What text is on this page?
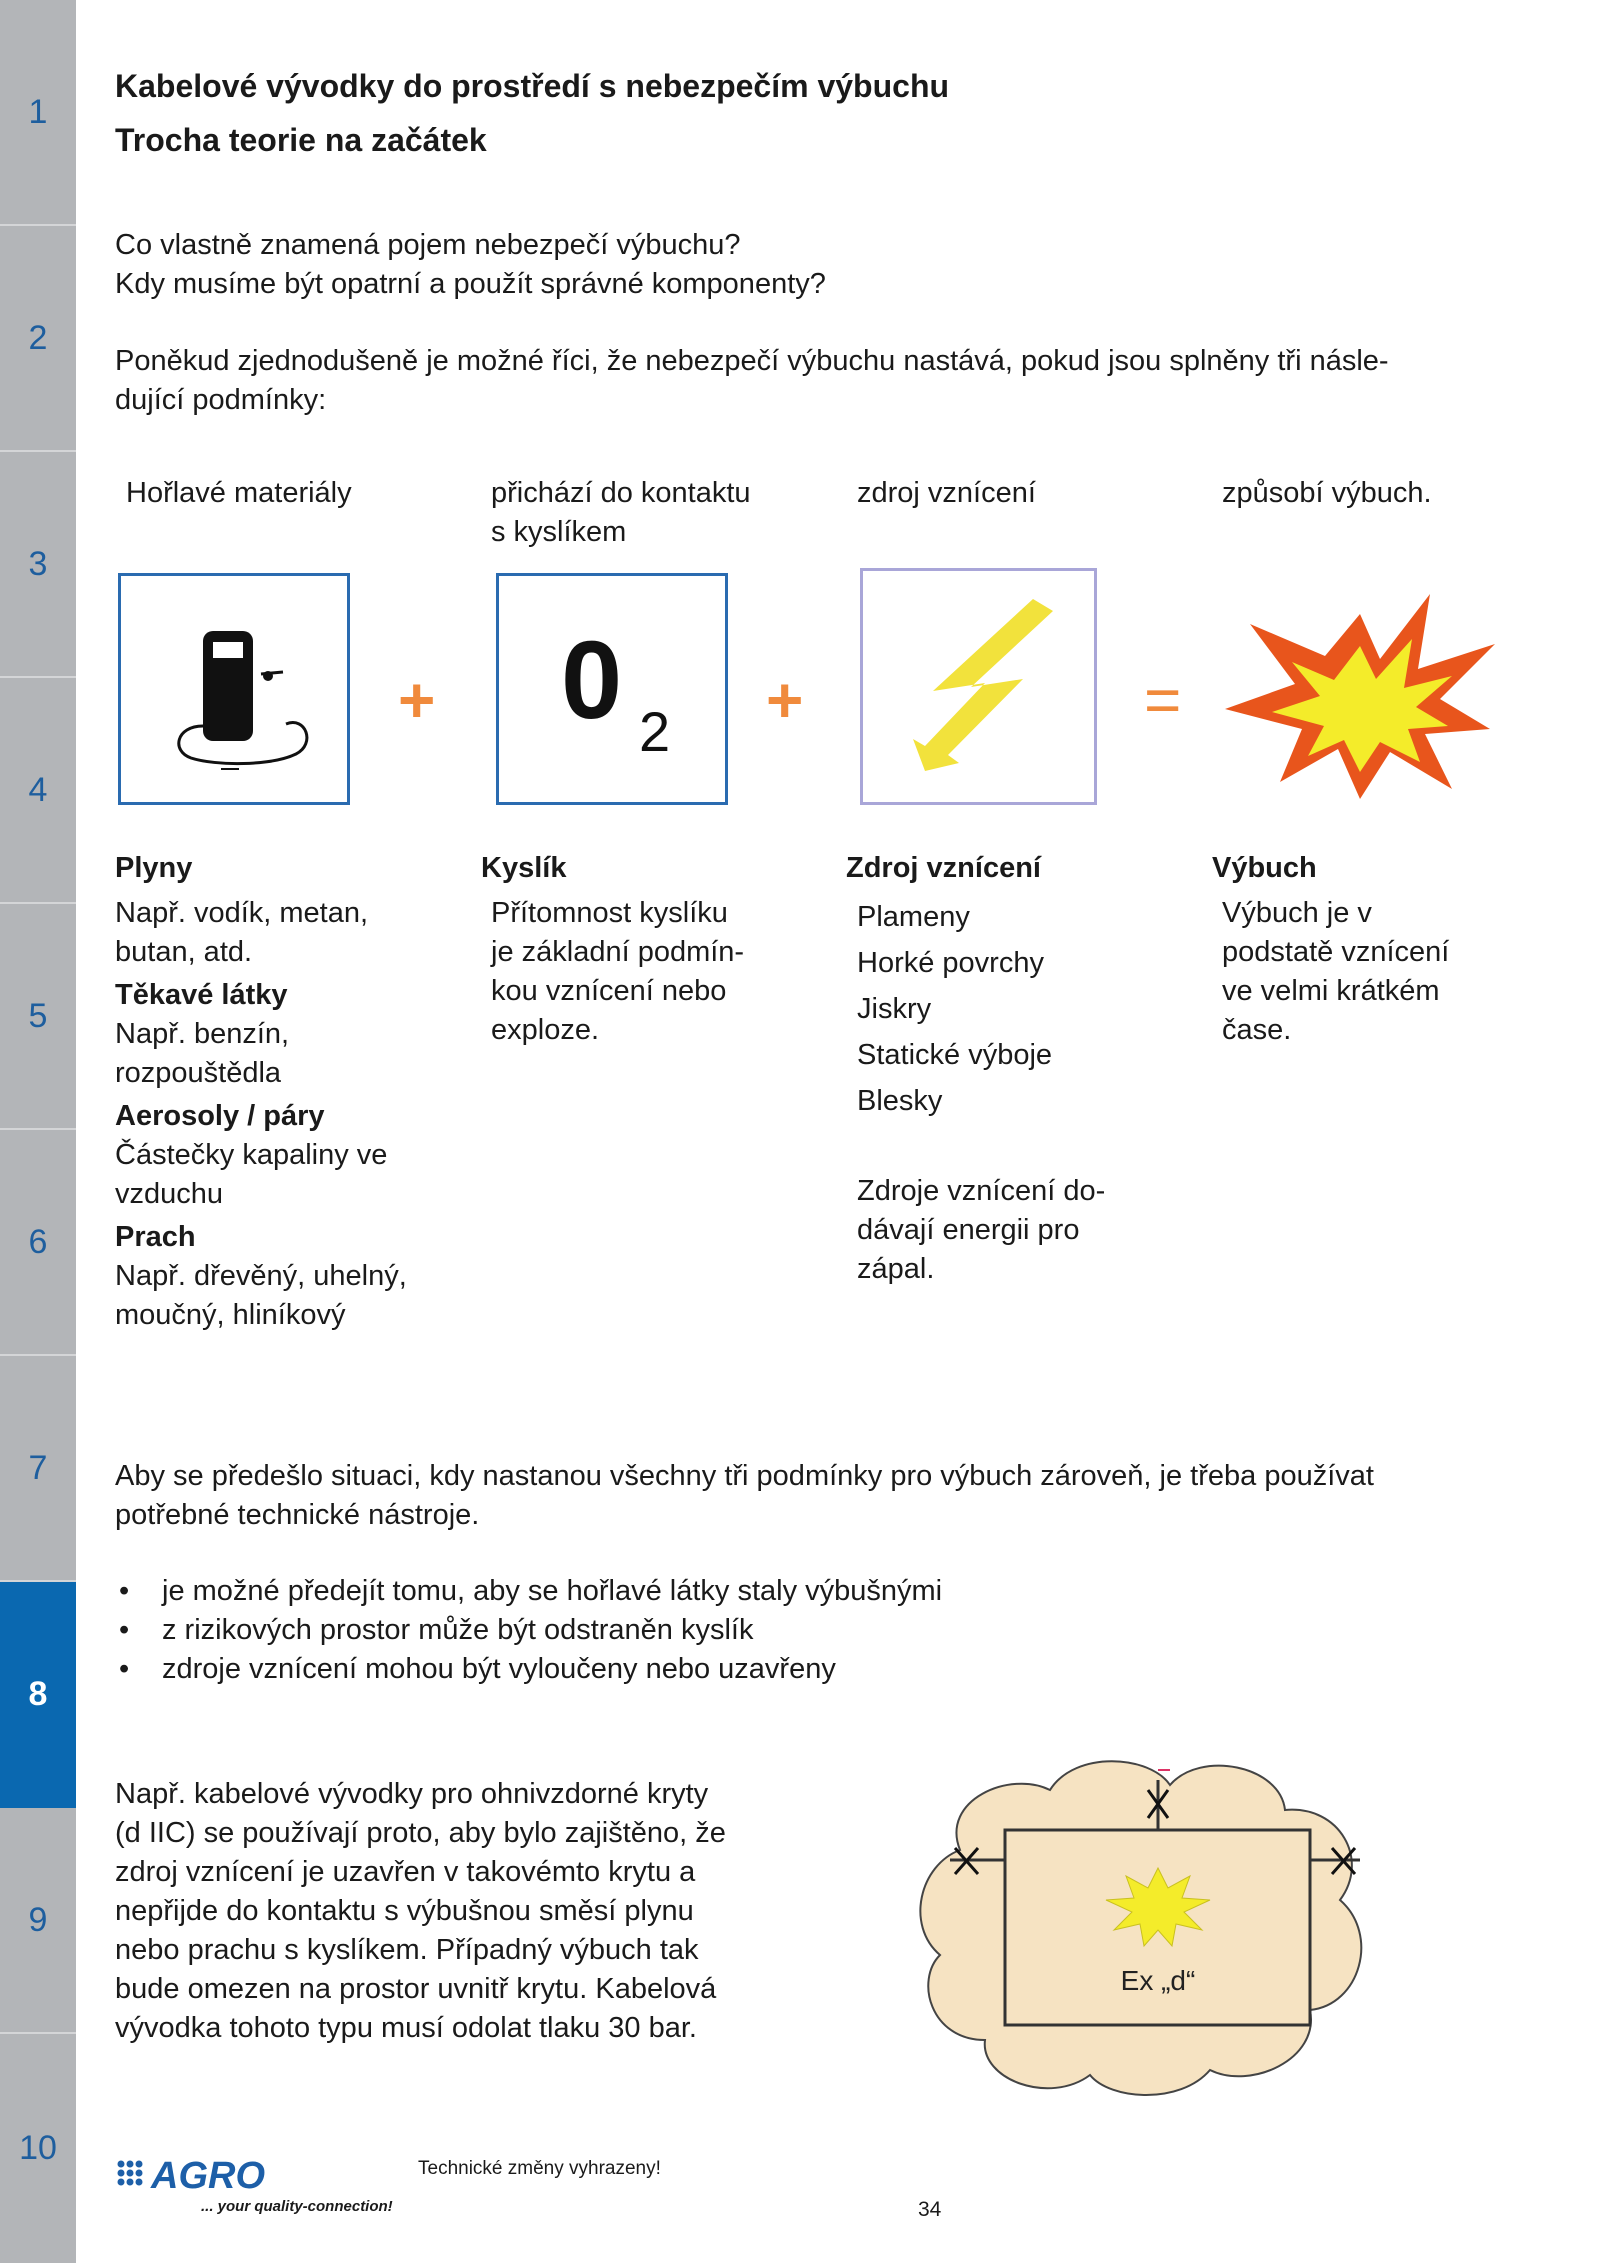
1
2
3
4
5
6
7
8
9
10
Kabelové vývodky do prostředí s nebezpečím výbuchu
Trocha teorie na začátek
Co vlastně znamená pojem nebezpečí výbuchu?
Kdy musíme být opatrní a použít správné komponenty?
Poněkud zjednodušeně je možné říci, že nebezpečí výbuchu nastává, pokud jsou splněny tři násle-
dující podmínky:
Hořlavé materiály	přichází do kontaktu
s kyslíkem
zdroj vznícení	způsobí výbuch.
+ 0 2 +	=
Plyny
Např. vodík, metan,
butan, atd.
Těkavé látky
Např. benzín,
rozpouštědla
Aerosoly / páry
Částečky kapaliny ve
vzduchu
Prach
Např. dřevěný, uhelný,
moučný, hliníkový
Kyslík
Přítomnost kyslíku
je základní podmín-
kou vznícení nebo
exploze.
Zdroj vznícení
Plameny
Horké povrchy
Jiskry
Statické výboje
Blesky
Zdroje vznícení do-
dávají energii pro
zápal.
Výbuch
Výbuch je v
podstatě vznícení
ve velmi krátkém
čase.
Aby se předešlo situaci, kdy nastanou všechny tři podmínky pro výbuch zároveň, je třeba používat
potřebné technické nástroje.
• je možné předejít tomu, aby se hořlavé látky staly výbušnými
• z rizikových prostor může být odstraněn kyslík
• zdroje vznícení mohou být vyloučeny nebo uzavřeny
Např. kabelové vývodky pro ohnivzdorné kryty
(d IIC) se používají proto, aby bylo zajištěno, že
zdroj vznícení je uzavřen v takovémto krytu a
nepřijde do kontaktu s výbušnou směsí plynu
nebo prachu s kyslíkem. Případný výbuch tak
bude omezen na prostor uvnitř krytu. Kabelová
vývodka tohoto typu musí odolat tlaku 30 bar.
Ex „d“
AGRO
... your quality-connection!
Technické změny vyhrazeny!
34
